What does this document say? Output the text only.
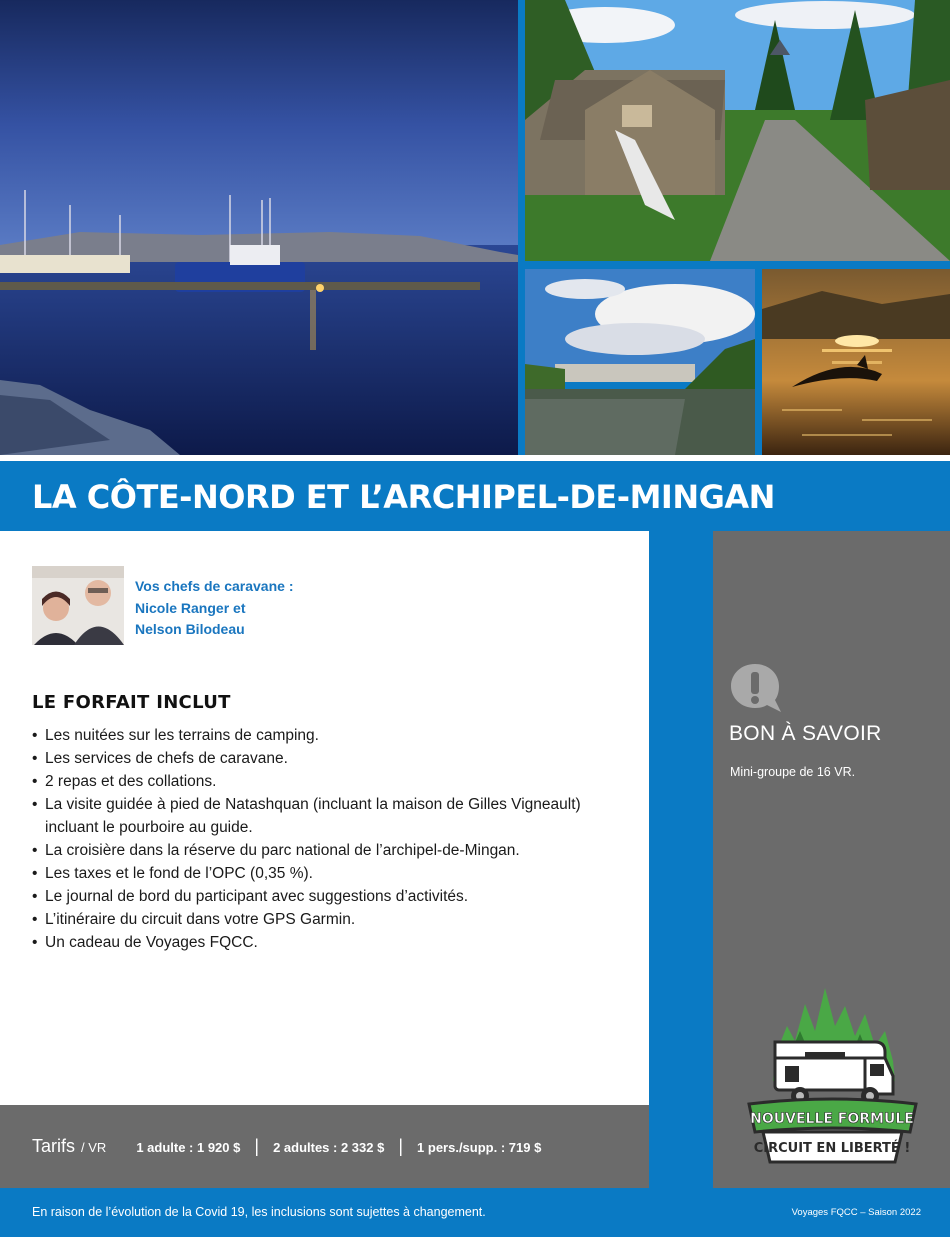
LA CÔTE-NORD ET L’ARCHIPEL-DE-MINGAN
Vos chefs de caravane :
Nicole Ranger et
Nelson Bilodeau
LE FORFAIT INCLUT
• Les nuitées sur les terrains de camping.
• Les services de chefs de caravane.
• 2 repas et des collations.
• La visite guidée à pied de Natashquan (incluant la maison de Gilles Vigneault) incluant le pourboire au guide.
• La croisière dans la réserve du parc national de l’archipel-de-Mingan.
• Les taxes et le fond de l’OPC (0,35 %).
• Le journal de bord du participant avec suggestions d’activités.
• L’itinéraire du circuit dans votre GPS Garmin.
• Un cadeau de Voyages FQCC.
BON À SAVOIR
Mini-groupe de 16 VR.
NOUVELLE FORMULE
CIRCUIT EN LIBERTÉ !
Tarifs / VR 1 adulte : 1 920 $ | 2 adultes : 2 332 $ | 1 pers./supp. : 719 $
En raison de l’évolution de la Covid 19, les inclusions sont sujettes à changement.	Voyages FQCC – Saison 2022
